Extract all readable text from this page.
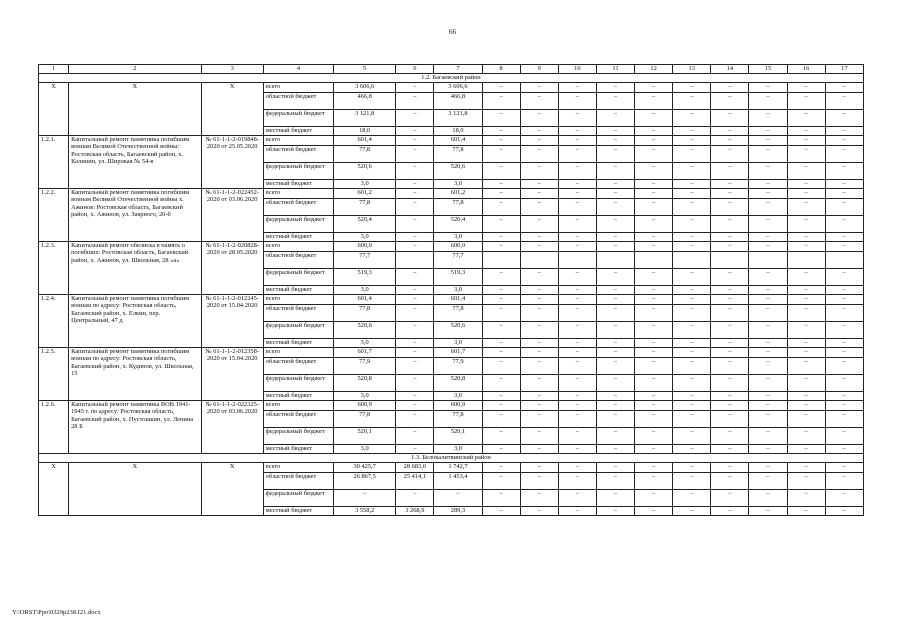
66
1	2	3	4	5	6	7	8	9	10	11	12	13	14	15	16	17
1.2. Багаевский район																
X	X	X	всего	3 606,6	–	3 606,6	–	–	–	–	–	–	–	–	–	–
			областной бюджет	466,8	–	466,8	–	–	–	–	–	–	–	–	–	–
			федеральный бюджет	3 121,8	–	3 121,8	–	–	–	–	–	–	–	–	–	–
			местный бюджет	18,0	–	18,0	–	–	–	–	–	–	–	–	–	–
1.2.1.	Капитальный ремонт памятника погибшим воинам Великой Отечественной войны: Ростовская область, Багаевский район, х. Калинин, ул. Широкая № 54-в	№ 61-1-1-2-019848-2020 от 25.05.2020	всего	601,4	–	601,4	–	–	–	–	–	–	–	–	–	–
			областной бюджет	77,8	–	77,8	–	–	–	–	–	–	–	–	–	–
			федеральный бюджет	520,6	–	520,6	–	–	–	–	–	–	–	–	–	–
			местный бюджет	3,0	–	3,0	–	–	–	–	–	–	–	–	–	–
1.2.2.	Капитальный ремонт памятника погибшим воинам Великой Отечественной войны х. Ажинов: Ростовская область, Багаевский район, х. Ажинов, ул. Заярного, 20-б	№ 61-1-1-2-022452-2020 от 03.06.2020	всего	601,2	–	601,2	–	–	–	–	–	–	–	–	–	–
			областной бюджет	77,8	–	77,8	–	–	–	–	–	–	–	–	–	–
			федеральный бюджет	520,4	–	520,4	–	–	–	–	–	–	–	–	–	–
			местный бюджет	3,0	–	3,0	–	–	–	–	–	–	–	–	–	–
1.2.3.	Капитальный ремонт обелиска в память о погибших: Ростовская область, Багаевский район, х. Ажинов, ул. Школьная, 28 «а»	№ 61-1-1-2-020828-2020 от 28.05.2020	всего	600,0	–	600,0	–	–	–	–	–	–	–	–	–	–
			областной бюджет	77,7		77,7										
			федеральный бюджет	519,3	–	519,3	–	–	–	–	–	–	–	–	–	–
			местный бюджет	3,0	–	3,0	–	–	–	–	–	–	–	–	–	–
1.2.4.	Капитальный ремонт памятника погибшим воинам по адресу: Ростовская область, Багаевский район, х. Елкин, пер. Центральный, 47 д	№ 61-1-1-2-012245-2020 от 15.04.2020	всего	601,4	–	601,4	–	–	–	–	–	–	–	–	–	–
			областной бюджет	77,8	–	77,8	–	–	–	–	–	–	–	–	–	–
			федеральный бюджет	520,6	–	520,6	–	–	–	–	–	–	–	–	–	–
			местный бюджет	3,0	–	3,0	–	–	–	–	–	–	–	–	–	–
1.2.5.	Капитальный ремонт памятника погибшим воинам по адресу: Ростовская область, Багаевский район, х. Кудинов, ул. Школьная, 15	№ 61-1-1-2-012358-2020 от 15.04.2020	всего	601,7	–	601,7	–	–	–	–	–	–	–	–	–	–
			областной бюджет	77,9	–	77,9	–	–	–	–	–	–	–	–	–	–
			федеральный бюджет	520,8	–	520,8	–	–	–	–	–	–	–	–	–	–
			местный бюджет	3,0	–	3,0	–	–	–	–	–	–	–	–	–	–
1.2.6.	Капитальный ремонт памятника ВОВ 1941-1945 г. по адресу: Ростовская область, Багаевский район, х. Пустошкин, ул. Ленина 28 Б	№ 61-1-1-2-022325-2020 от 03.06.2020	всего	600,9	–	600,9	–	–	–	–	–	–	–	–	–	–
			областной бюджет	77,8	–	77,8	–	–	–	–	–	–	–	–	–	–
			федеральный бюджет	520,1	–	520,1	–	–	–	–	–	–	–	–	–	–
			местный бюджет	3,0	–	3,0	–	–	–	–	–	–	–	–	–	–
1.3. Белокалитвинский район																
X	X	X	всего	30 425,7	28 683,0	1 742,7	–	–	–	–	–	–	–	–	–	–
			областной бюджет	26 867,5	25 414,1	1 453,4	–	–	–	–	–	–	–	–	–	–
			федеральный бюджет	–	–	–	–	–	–	–	–	–	–	–	–	–
			местный бюджет	3 558,2	3 268,9	289,3	–	–	–	–	–	–	–	–	–	–
Y:\ORST\Ppo\0329p238.f21.docx
